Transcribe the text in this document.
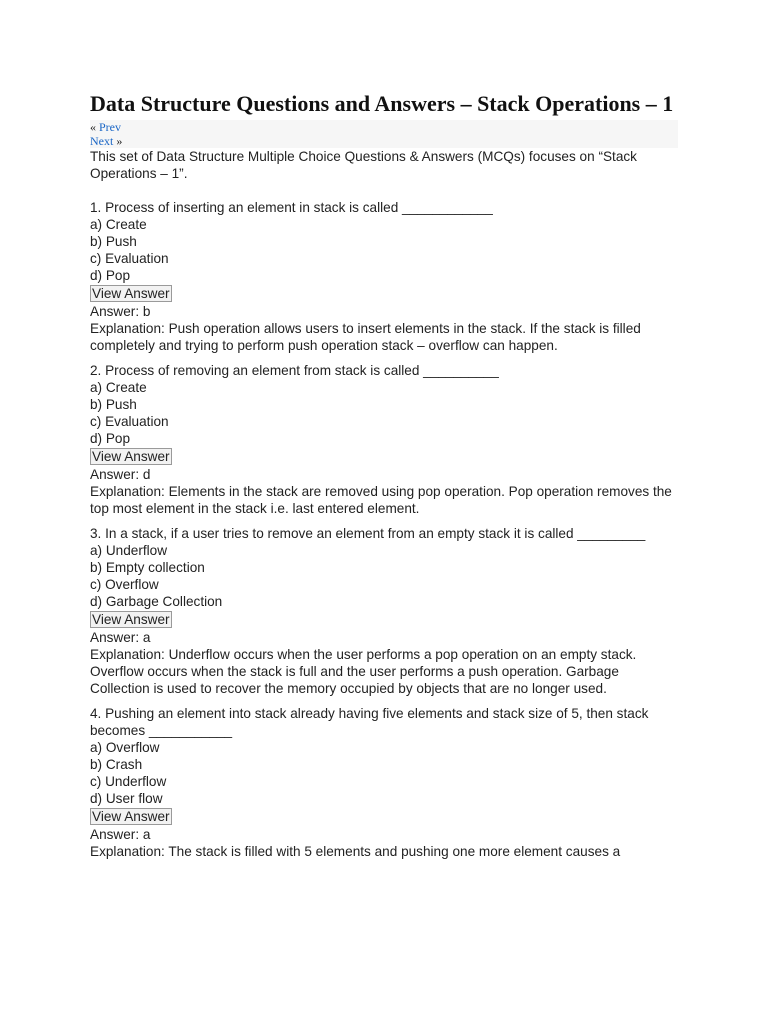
Data Structure Questions and Answers – Stack Operations – 1
« Prev
Next »

This set of Data Structure Multiple Choice Questions & Answers (MCQs) focuses on “Stack Operations – 1”.

1. Process of inserting an element in stack is called ____________

a) Create
b) Push
c) Evaluation
d) Pop
View Answer
Answer: b
Explanation: Push operation allows users to insert elements in the stack. If the stack is filled completely and trying to perform push operation stack – overflow can happen.

2. Process of removing an element from stack is called __________

a) Create
b) Push
c) Evaluation
d) Pop
View Answer
Answer: d
Explanation: Elements in the stack are removed using pop operation. Pop operation removes the top most element in the stack i.e. last entered element.

3. In a stack, if a user tries to remove an element from an empty stack it is called _________

a) Underflow
b) Empty collection
c) Overflow
d) Garbage Collection
View Answer
Answer: a
Explanation: Underflow occurs when the user performs a pop operation on an empty stack. Overflow occurs when the stack is full and the user performs a push operation. Garbage Collection is used to recover the memory occupied by objects that are no longer used.

4. Pushing an element into stack already having five elements and stack size of 5, then stack becomes ___________

a) Overflow
b) Crash
c) Underflow
d) User flow
View Answer
Answer: a
Explanation: The stack is filled with 5 elements and pushing one more element causes a
